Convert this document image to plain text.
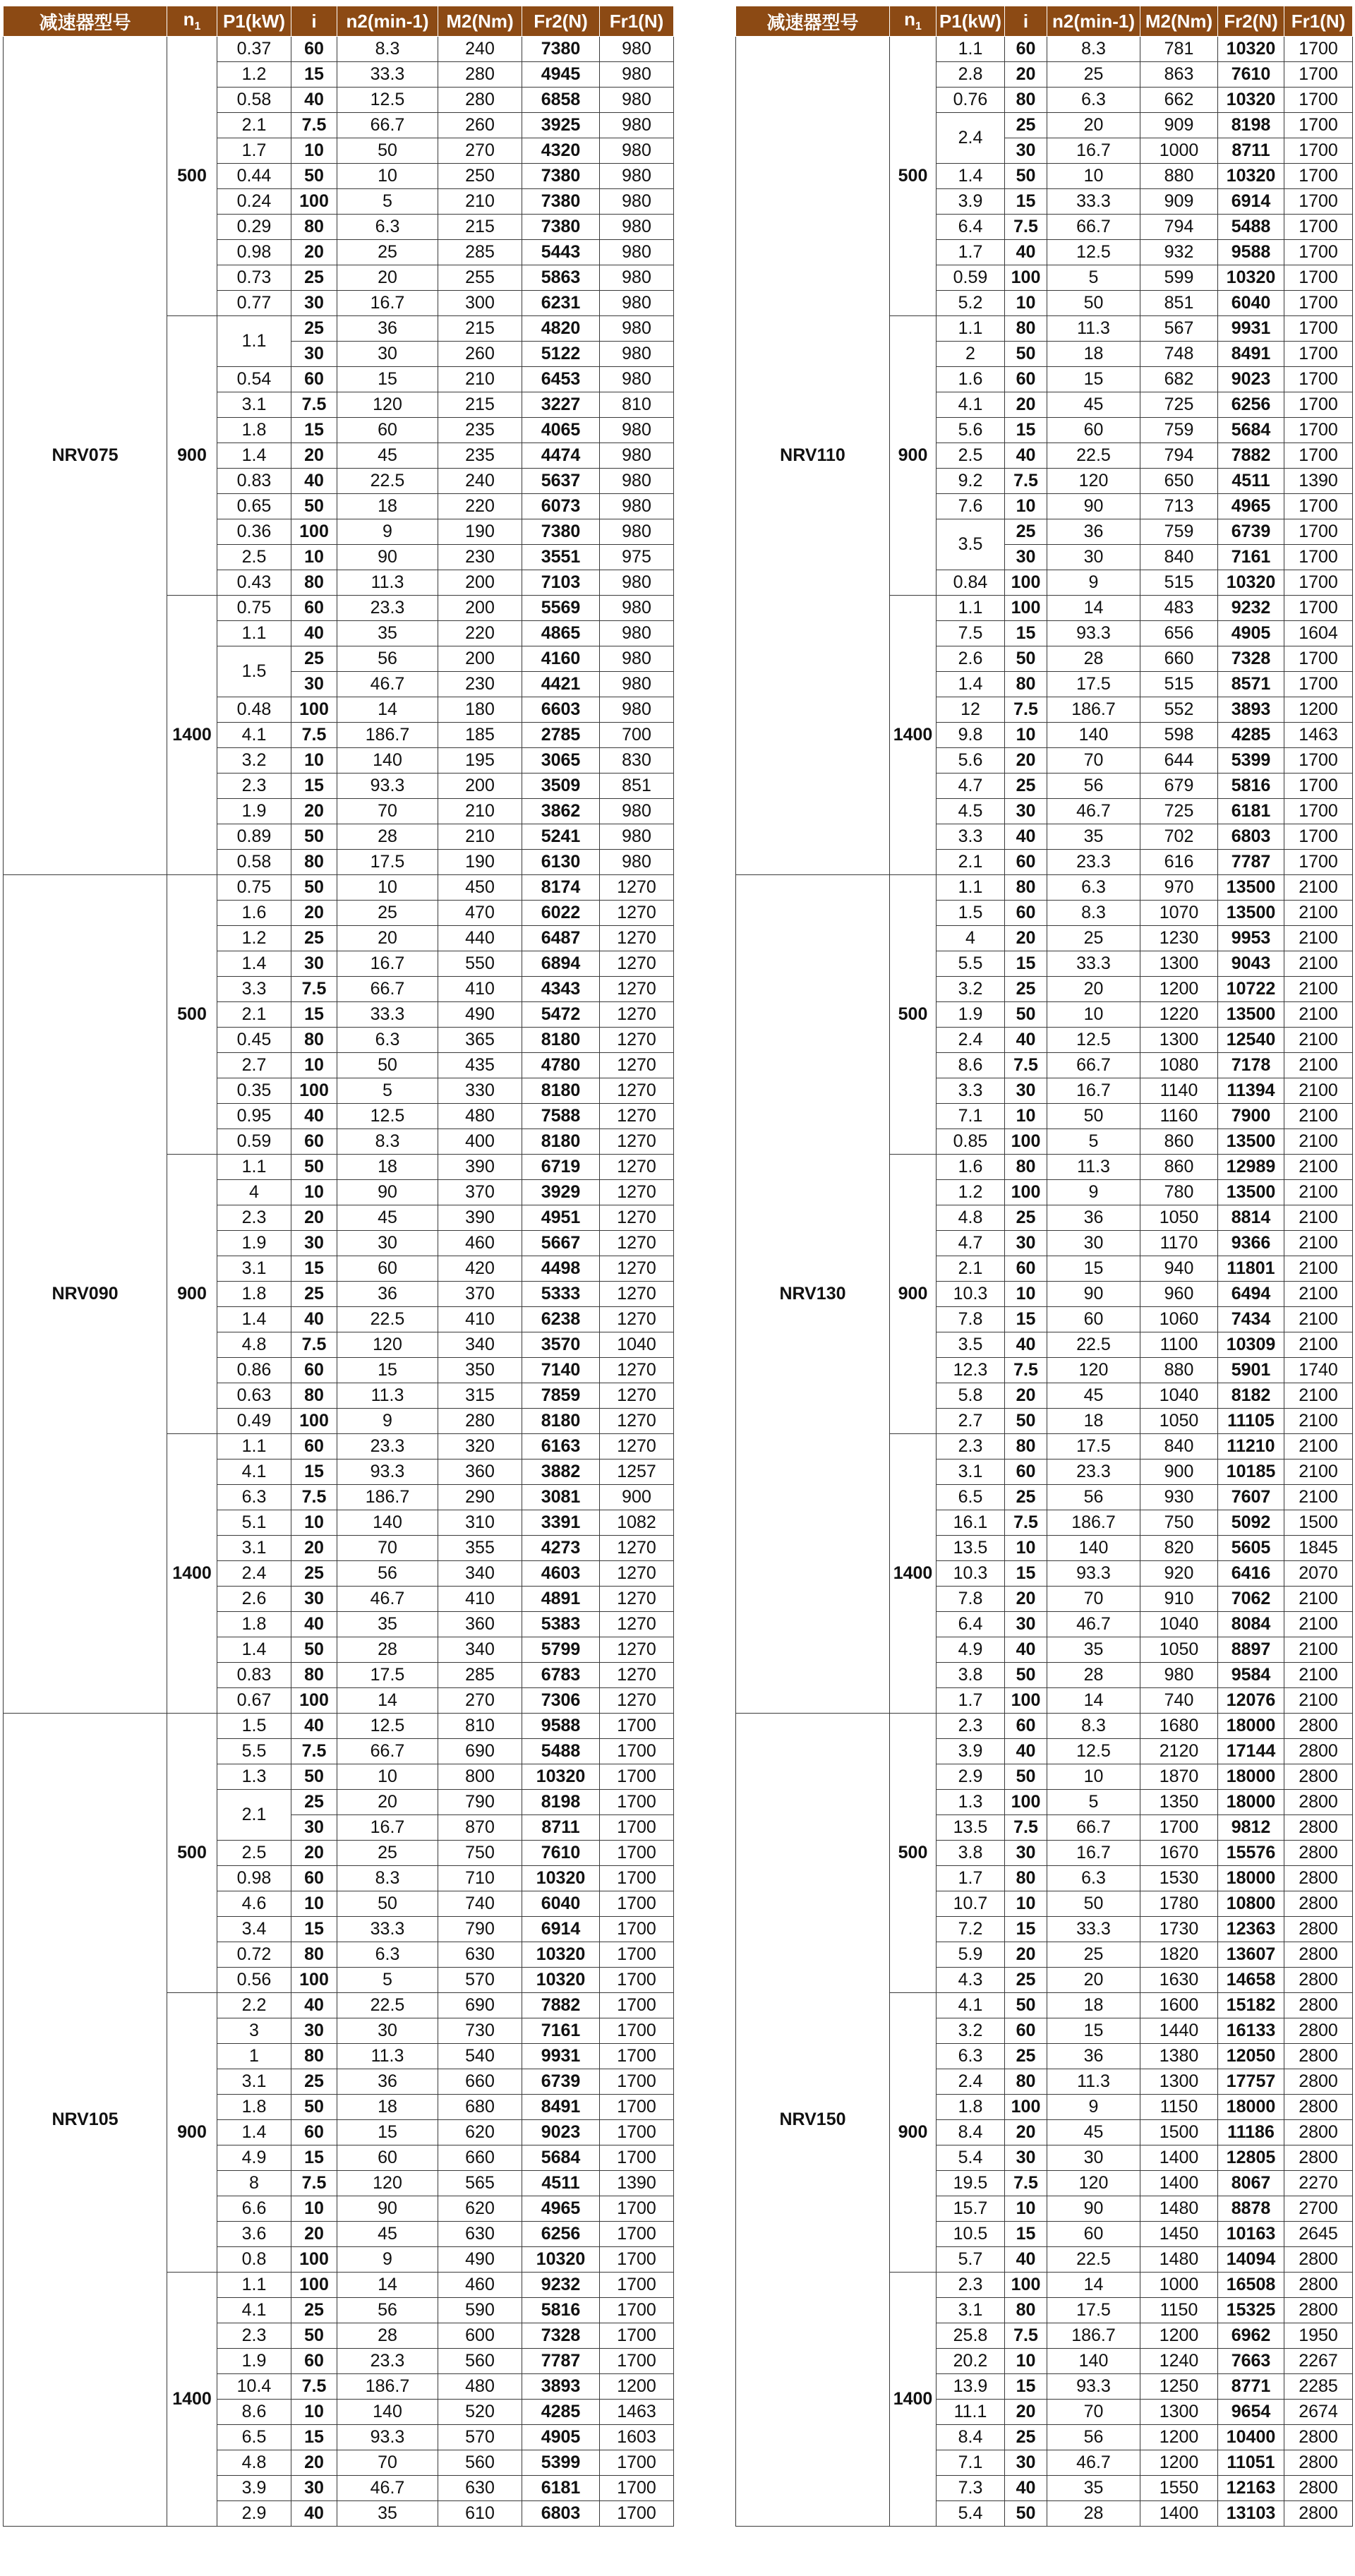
减速器型号	$n_1$	P1(kW)	i	n2(min-1)	M2(Nm)	Fr2(N)	Fr1(N)
NRV075	500	0.37	60	8.3	240	7380	980
		1.2	15	33.3	280	4945	980
		0.58	40	12.5	280	6858	980
		2.1	7.5	66.7	260	3925	980
		1.7	10	50	270	4320	980
		0.44	50	10	250	7380	980
		0.24	100	5	210	7380	980
		0.29	80	6.3	215	7380	980
		0.98	20	25	285	5443	980
		0.73	25	20	255	5863	980
		0.77	30	16.7	300	6231	980
	900	1.1	25	36	215	4820	980
			30	30	260	5122	980
		0.54	60	15	210	6453	980
		3.1	7.5	120	215	3227	810
		1.8	15	60	235	4065	980
		1.4	20	45	235	4474	980
		0.83	40	22.5	240	5637	980
		0.65	50	18	220	6073	980
		0.36	100	9	190	7380	980
		2.5	10	90	230	3551	975
		0.43	80	11.3	200	7103	980
	1400	0.75	60	23.3	200	5569	980
		1.1	40	35	220	4865	980
		1.5	25	56	200	4160	980
			30	46.7	230	4421	980
		0.48	100	14	180	6603	980
		4.1	7.5	186.7	185	2785	700
		3.2	10	140	195	3065	830
		2.3	15	93.3	200	3509	851
		1.9	20	70	210	3862	980
		0.89	50	28	210	5241	980
		0.58	80	17.5	190	6130	980
NRV090	500	0.75	50	10	450	8174	1270
		1.6	20	25	470	6022	1270
		1.2	25	20	440	6487	1270
		1.4	30	16.7	550	6894	1270
		3.3	7.5	66.7	410	4343	1270
		2.1	15	33.3	490	5472	1270
		0.45	80	6.3	365	8180	1270
		2.7	10	50	435	4780	1270
		0.35	100	5	330	8180	1270
		0.95	40	12.5	480	7588	1270
		0.59	60	8.3	400	8180	1270
	900	1.1	50	18	390	6719	1270
		4	10	90	370	3929	1270
		2.3	20	45	390	4951	1270
		1.9	30	30	460	5667	1270
		3.1	15	60	420	4498	1270
		1.8	25	36	370	5333	1270
		1.4	40	22.5	410	6238	1270
		4.8	7.5	120	340	3570	1040
		0.86	60	15	350	7140	1270
		0.63	80	11.3	315	7859	1270
		0.49	100	9	280	8180	1270
	1400	1.1	60	23.3	320	6163	1270
		4.1	15	93.3	360	3882	1257
		6.3	7.5	186.7	290	3081	900
		5.1	10	140	310	3391	1082
		3.1	20	70	355	4273	1270
		2.4	25	56	340	4603	1270
		2.6	30	46.7	410	4891	1270
		1.8	40	35	360	5383	1270
		1.4	50	28	340	5799	1270
		0.83	80	17.5	285	6783	1270
		0.67	100	14	270	7306	1270
NRV105	500	1.5	40	12.5	810	9588	1700
		5.5	7.5	66.7	690	5488	1700
		1.3	50	10	800	10320	1700
		2.1	25	20	790	8198	1700
			30	16.7	870	8711	1700
		2.5	20	25	750	7610	1700
		0.98	60	8.3	710	10320	1700
		4.6	10	50	740	6040	1700
		3.4	15	33.3	790	6914	1700
		0.72	80	6.3	630	10320	1700
		0.56	100	5	570	10320	1700
	900	2.2	40	22.5	690	7882	1700
		3	30	30	730	7161	1700
		1	80	11.3	540	9931	1700
		3.1	25	36	660	6739	1700
		1.8	50	18	680	8491	1700
		1.4	60	15	620	9023	1700
		4.9	15	60	660	5684	1700
		8	7.5	120	565	4511	1390
		6.6	10	90	620	4965	1700
		3.6	20	45	630	6256	1700
		0.8	100	9	490	10320	1700
	1400	1.1	100	14	460	9232	1700
		4.1	25	56	590	5816	1700
		2.3	50	28	600	7328	1700
		1.9	60	23.3	560	7787	1700
		10.4	7.5	186.7	480	3893	1200
		8.6	10	140	520	4285	1463
		6.5	15	93.3	570	4905	1603
		4.8	20	70	560	5399	1700
		3.9	30	46.7	630	6181	1700
		2.9	40	35	610	6803	1700
减速器型号	$n_1$	P1(kW)	i	n2(min-1)	M2(Nm)	Fr2(N)	Fr1(N)
NRV110	500	1.1	60	8.3	781	10320	1700
		2.8	20	25	863	7610	1700
		0.76	80	6.3	662	10320	1700
		2.4	25	20	909	8198	1700
			30	16.7	1000	8711	1700
		1.4	50	10	880	10320	1700
		3.9	15	33.3	909	6914	1700
		6.4	7.5	66.7	794	5488	1700
		1.7	40	12.5	932	9588	1700
		0.59	100	5	599	10320	1700
		5.2	10	50	851	6040	1700
	900	1.1	80	11.3	567	9931	1700
		2	50	18	748	8491	1700
		1.6	60	15	682	9023	1700
		4.1	20	45	725	6256	1700
		5.6	15	60	759	5684	1700
		2.5	40	22.5	794	7882	1700
		9.2	7.5	120	650	4511	1390
		7.6	10	90	713	4965	1700
		3.5	25	36	759	6739	1700
			30	30	840	7161	1700
		0.84	100	9	515	10320	1700
	1400	1.1	100	14	483	9232	1700
		7.5	15	93.3	656	4905	1604
		2.6	50	28	660	7328	1700
		1.4	80	17.5	515	8571	1700
		12	7.5	186.7	552	3893	1200
		9.8	10	140	598	4285	1463
		5.6	20	70	644	5399	1700
		4.7	25	56	679	5816	1700
		4.5	30	46.7	725	6181	1700
		3.3	40	35	702	6803	1700
		2.1	60	23.3	616	7787	1700
NRV130	500	1.1	80	6.3	970	13500	2100
		1.5	60	8.3	1070	13500	2100
		4	20	25	1230	9953	2100
		5.5	15	33.3	1300	9043	2100
		3.2	25	20	1200	10722	2100
		1.9	50	10	1220	13500	2100
		2.4	40	12.5	1300	12540	2100
		8.6	7.5	66.7	1080	7178	2100
		3.3	30	16.7	1140	11394	2100
		7.1	10	50	1160	7900	2100
		0.85	100	5	860	13500	2100
	900	1.6	80	11.3	860	12989	2100
		1.2	100	9	780	13500	2100
		4.8	25	36	1050	8814	2100
		4.7	30	30	1170	9366	2100
		2.1	60	15	940	11801	2100
		10.3	10	90	960	6494	2100
		7.8	15	60	1060	7434	2100
		3.5	40	22.5	1100	10309	2100
		12.3	7.5	120	880	5901	1740
		5.8	20	45	1040	8182	2100
		2.7	50	18	1050	11105	2100
	1400	2.3	80	17.5	840	11210	2100
		3.1	60	23.3	900	10185	2100
		6.5	25	56	930	7607	2100
		16.1	7.5	186.7	750	5092	1500
		13.5	10	140	820	5605	1845
		10.3	15	93.3	920	6416	2070
		7.8	20	70	910	7062	2100
		6.4	30	46.7	1040	8084	2100
		4.9	40	35	1050	8897	2100
		3.8	50	28	980	9584	2100
		1.7	100	14	740	12076	2100
NRV150	500	2.3	60	8.3	1680	18000	2800
		3.9	40	12.5	2120	17144	2800
		2.9	50	10	1870	18000	2800
		1.3	100	5	1350	18000	2800
		13.5	7.5	66.7	1700	9812	2800
		3.8	30	16.7	1670	15576	2800
		1.7	80	6.3	1530	18000	2800
		10.7	10	50	1780	10800	2800
		7.2	15	33.3	1730	12363	2800
		5.9	20	25	1820	13607	2800
		4.3	25	20	1630	14658	2800
	900	4.1	50	18	1600	15182	2800
		3.2	60	15	1440	16133	2800
		6.3	25	36	1380	12050	2800
		2.4	80	11.3	1300	17757	2800
		1.8	100	9	1150	18000	2800
		8.4	20	45	1500	11186	2800
		5.4	30	30	1400	12805	2800
		19.5	7.5	120	1400	8067	2270
		15.7	10	90	1480	8878	2700
		10.5	15	60	1450	10163	2645
		5.7	40	22.5	1480	14094	2800
	1400	2.3	100	14	1000	16508	2800
		3.1	80	17.5	1150	15325	2800
		25.8	7.5	186.7	1200	6962	1950
		20.2	10	140	1240	7663	2267
		13.9	15	93.3	1250	8771	2285
		11.1	20	70	1300	9654	2674
		8.4	25	56	1200	10400	2800
		7.1	30	46.7	1200	11051	2800
		7.3	40	35	1550	12163	2800
		5.4	50	28	1400	13103	2800
